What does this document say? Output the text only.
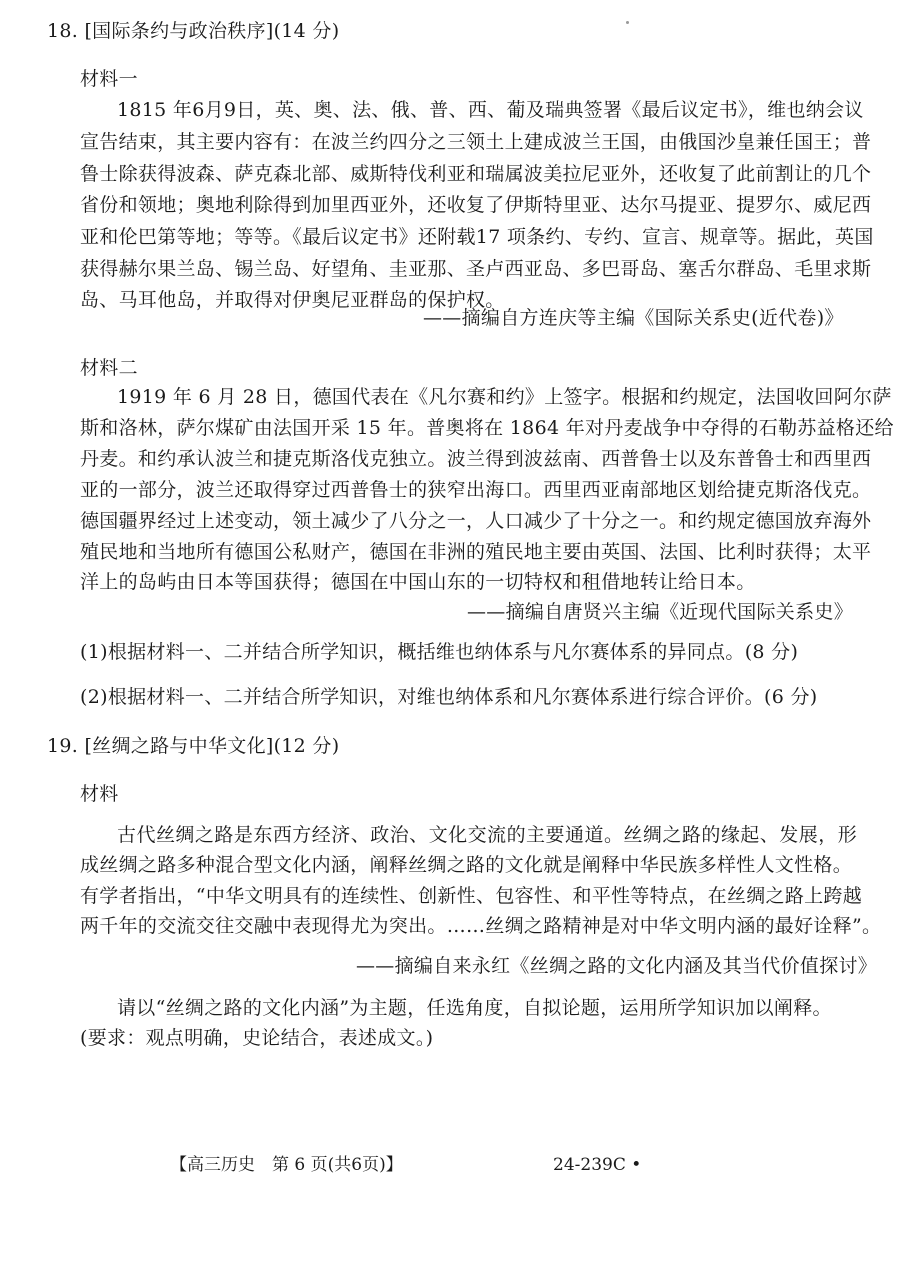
18. [国际条约与政治秩序](14 分)
材料一
1815 年6月9日，英、奥、法、俄、普、西、葡及瑞典签署《最后议定书》，维也纳会议
宣告结束，其主要内容有：在波兰约四分之三领土上建成波兰王国，由俄国沙皇兼任国王；普
鲁士除获得波森、萨克森北部、威斯特伐利亚和瑞属波美拉尼亚外，还收复了此前割让的几个
省份和领地；奥地利除得到加里西亚外，还收复了伊斯特里亚、达尔马提亚、提罗尔、威尼西
亚和伦巴第等地；等等。《最后议定书》还附载17 项条约、专约、宣言、规章等。据此，英国
获得赫尔果兰岛、锡兰岛、好望角、圭亚那、圣卢西亚岛、多巴哥岛、塞舌尔群岛、毛里求斯
岛、马耳他岛，并取得对伊奥尼亚群岛的保护权。
——摘编自方连庆等主编《国际关系史(近代卷)》
材料二
1919 年 6 月 28 日，德国代表在《凡尔赛和约》上签字。根据和约规定，法国收回阿尔萨
斯和洛林，萨尔煤矿由法国开采 15 年。普奥将在 1864 年对丹麦战争中夺得的石勒苏益格还给
丹麦。和约承认波兰和捷克斯洛伐克独立。波兰得到波兹南、西普鲁士以及东普鲁士和西里西
亚的一部分，波兰还取得穿过西普鲁士的狭窄出海口。西里西亚南部地区划给捷克斯洛伐克。
德国疆界经过上述变动，领土减少了八分之一，人口减少了十分之一。和约规定德国放弃海外
殖民地和当地所有德国公私财产，德国在非洲的殖民地主要由英国、法国、比利时获得；太平
洋上的岛屿由日本等国获得；德国在中国山东的一切特权和租借地转让给日本。
——摘编自唐贤兴主编《近现代国际关系史》
(1)根据材料一、二并结合所学知识，概括维也纳体系与凡尔赛体系的异同点。(8 分)
(2)根据材料一、二并结合所学知识，对维也纳体系和凡尔赛体系进行综合评价。(6 分)
19. [丝绸之路与中华文化](12 分)
材料
古代丝绸之路是东西方经济、政治、文化交流的主要通道。丝绸之路的缘起、发展，形
成丝绸之路多种混合型文化内涵，阐释丝绸之路的文化就是阐释中华民族多样性人文性格。
有学者指出，“中华文明具有的连续性、创新性、包容性、和平性等特点，在丝绸之路上跨越
两千年的交流交往交融中表现得尤为突出。……丝绸之路精神是对中华文明内涵的最好诠释”。
——摘编自来永红《丝绸之路的文化内涵及其当代价值探讨》
请以“丝绸之路的文化内涵”为主题，任选角度，自拟论题，运用所学知识加以阐释。
(要求：观点明确，史论结合，表述成文。)
【高三历史　第 6 页(共6页)】	24-239C •
